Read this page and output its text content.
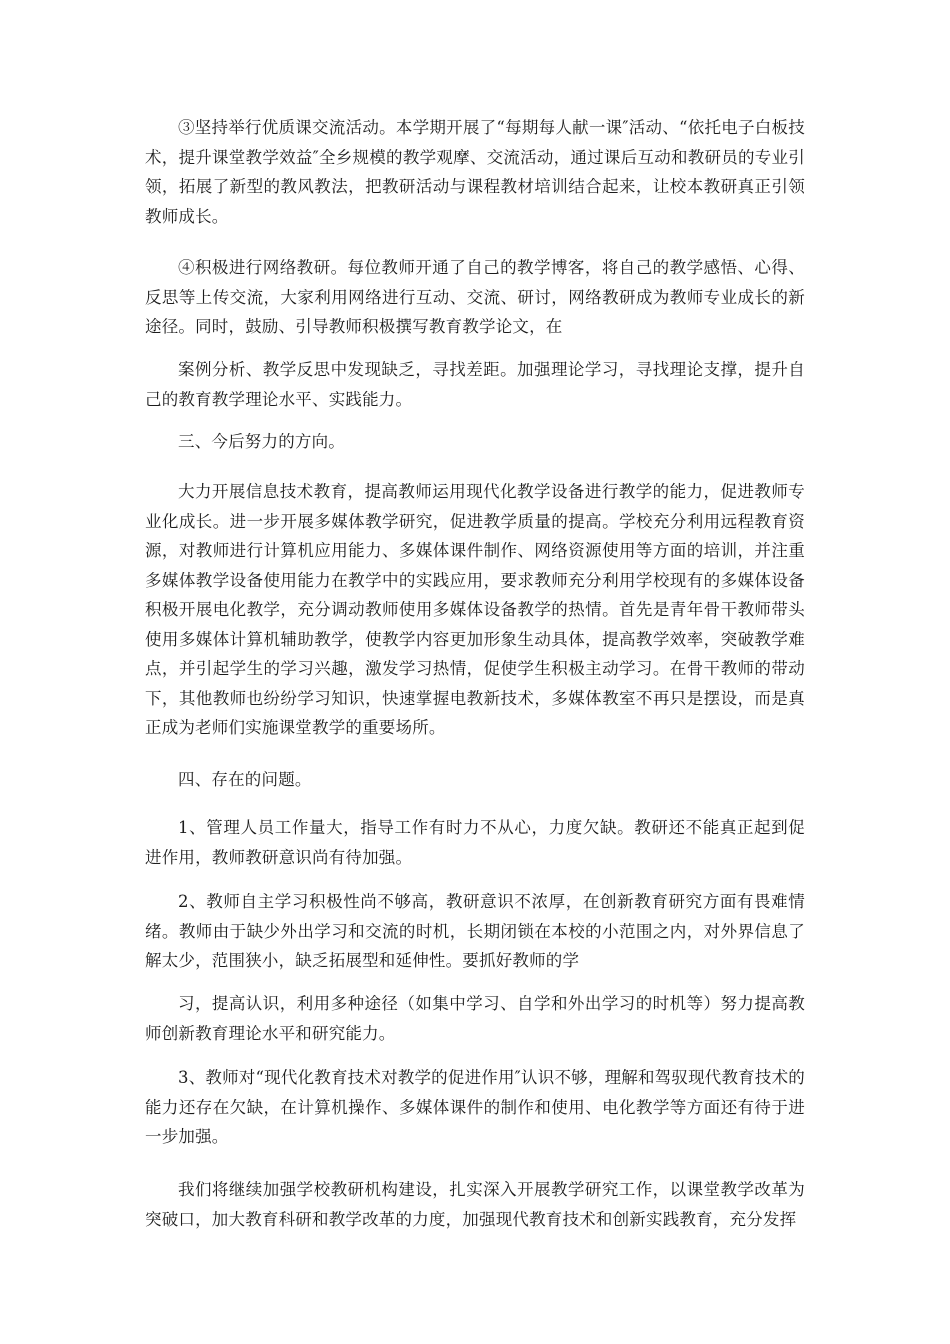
③坚持举行优质课交流活动。本学期开展了“每期每人献一课″活动、“依托电子白板技术，提升课堂教学效益″全乡规模的教学观摩、交流活动，通过课后互动和教研员的专业引领，拓展了新型的教风教法，把教研活动与课程教材培训结合起来，让校本教研真正引领教师成长。

④积极进行网络教研。每位教师开通了自己的教学博客，将自己的教学感悟、心得、反思等上传交流，大家利用网络进行互动、交流、研讨，网络教研成为教师专业成长的新途径。同时，鼓励、引导教师积极撰写教育教学论文，在

案例分析、教学反思中发现缺乏，寻找差距。加强理论学习，寻找理论支撑，提升自己的教育教学理论水平、实践能力。

三、今后努力的方向。

大力开展信息技术教育，提高教师运用现代化教学设备进行教学的能力，促进教师专业化成长。进一步开展多媒体教学研究，促进教学质量的提高。学校充分利用远程教育资源，对教师进行计算机应用能力、多媒体课件制作、网络资源使用等方面的培训，并注重多媒体教学设备使用能力在教学中的实践应用，要求教师充分利用学校现有的多媒体设备积极开展电化教学，充分调动教师使用多媒体设备教学的热情。首先是青年骨干教师带头使用多媒体计算机辅助教学，使教学内容更加形象生动具体，提高教学效率，突破教学难点，并引起学生的学习兴趣，激发学习热情，促使学生积极主动学习。在骨干教师的带动下，其他教师也纷纷学习知识，快速掌握电教新技术，多媒体教室不再只是摆设，而是真正成为老师们实施课堂教学的重要场所。

四、存在的问题。

1、管理人员工作量大，指导工作有时力不从心，力度欠缺。教研还不能真正起到促进作用，教师教研意识尚有待加强。

2、教师自主学习积极性尚不够高，教研意识不浓厚，在创新教育研究方面有畏难情绪。教师由于缺少外出学习和交流的时机，长期闭锁在本校的小范围之内，对外界信息了解太少，范围狭小，缺乏拓展型和延伸性。要抓好教师的学

习，提高认识，利用多种途径（如集中学习、自学和外出学习的时机等）努力提高教师创新教育理论水平和研究能力。

3、教师对“现代化教育技术对教学的促进作用″认识不够，理解和驾驭现代教育技术的能力还存在欠缺，在计算机操作、多媒体课件的制作和使用、电化教学等方面还有待于进一步加强。

我们将继续加强学校教研机构建设，扎实深入开展教学研究工作，以课堂教学改革为突破口，加大教育科研和教学改革的力度，加强现代教育技术和创新实践教育，充分发挥
